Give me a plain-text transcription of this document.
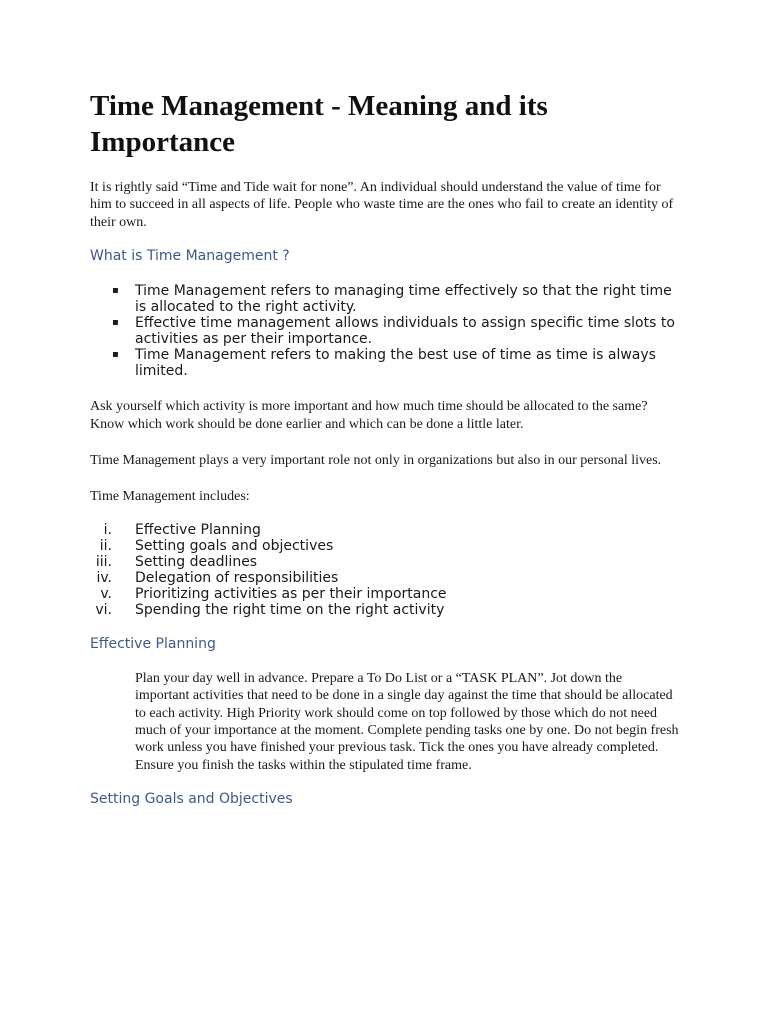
Time Management - Meaning and its Importance

It is rightly said “Time and Tide wait for none”. An individual should understand the value of time for him to succeed in all aspects of life. People who waste time are the ones who fail to create an identity of their own.

What is Time Management ?
▪ Time Management refers to managing time effectively so that the right time is allocated to the right activity.
▪ Effective time management allows individuals to assign specific time slots to activities as per their importance.
▪ Time Management refers to making the best use of time as time is always limited.

Ask yourself which activity is more important and how much time should be allocated to the same? Know which work should be done earlier and which can be done a little later.

Time Management plays a very important role not only in organizations but also in our personal lives.

Time Management includes:

i. Effective Planning
ii. Setting goals and objectives
iii. Setting deadlines
iv. Delegation of responsibilities
v. Prioritizing activities as per their importance
vi. Spending the right time on the right activity
Effective Planning

Plan your day well in advance. Prepare a To Do List or a “TASK PLAN”. Jot down the important activities that need to be done in a single day against the time that should be allocated to each activity. High Priority work should come on top followed by those which do not need much of your importance at the moment. Complete pending tasks one by one. Do not begin fresh work unless you have finished your previous task. Tick the ones you have already completed. Ensure you finish the tasks within the stipulated time frame.

Setting Goals and Objectives
